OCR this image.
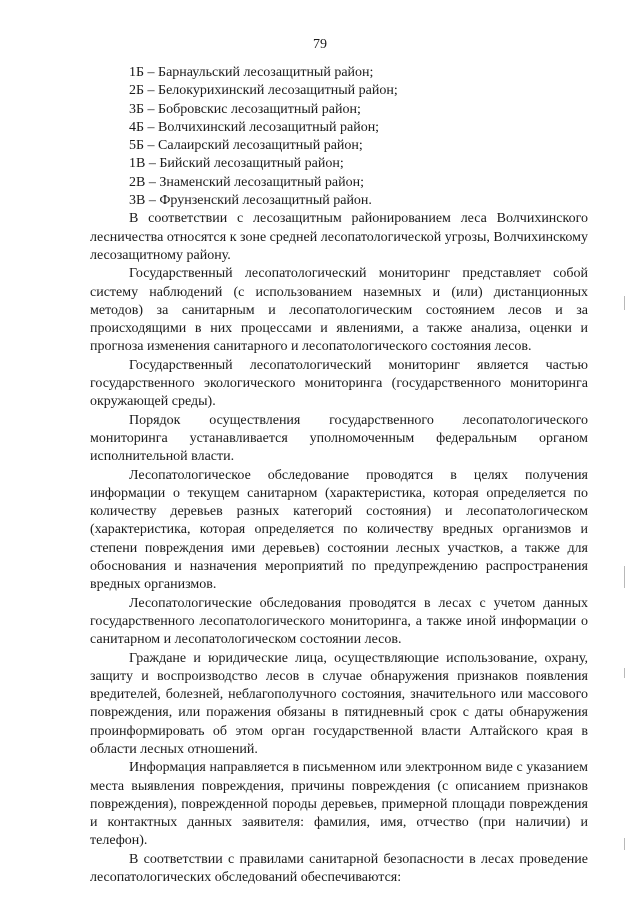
79

1Б – Барнаульский лесозащитный район;

2Б – Белокурихинский лесозащитный район;

3Б – Бобровскис лесозащитный район;

4Б – Волчихинский лесозащитный район;

5Б – Салаирский лесозащитный район;

1В – Бийский лесозащитный район;

2В – Знаменский лесозащитный район;

3В – Фрунзенский лесозащитный район.

В соответствии с лесозащитным районированием леса Волчихинского лесничества относятся к зоне средней лесопатологической угрозы, Волчихинскому лесозащитному району.

Государственный лесопатологический мониторинг представляет собой систему наблюдений (с использованием наземных и (или) дистанционных методов) за санитарным и лесопатологическим состоянием лесов и за происходящими в них процессами и явлениями, а также анализа, оценки и прогноза изменения санитарного и лесопатологического состояния лесов.

Государственный лесопатологический мониторинг является частью государственного экологического мониторинга (государственного мониторинга окружающей среды).

Порядок осуществления государственного лесопатологического мониторинга устанавливается уполномоченным федеральным органом исполнительной власти.

Лесопатологическое обследование проводятся в целях получения информации о текущем санитарном (характеристика, которая определяется по количеству деревьев разных категорий состояния) и лесопатологическом (характеристика, которая определяется по количеству вредных организмов и степени повреждения ими деревьев) состоянии лесных участков, а также для обоснования и назначения мероприятий по предупреждению распространения вредных организмов.

Лесопатологические обследования проводятся в лесах с учетом данных государственного лесопатологического мониторинга, а также иной информации о санитарном и лесопатологическом состоянии лесов.

Граждане и юридические лица, осуществляющие использование, охрану, защиту и воспроизводство лесов в случае обнаружения признаков появления вредителей, болезней, неблагополучного состояния, значительного или массового повреждения, или поражения обязаны в пятидневный срок с даты обнаружения проинформировать об этом орган государственной власти Алтайского края в области лесных отношений.

Информация направляется в письменном или электронном виде с указанием места выявления повреждения, причины повреждения (с описанием признаков повреждения), поврежденной породы деревьев, примерной площади повреждения и контактных данных заявителя: фамилия, имя, отчество (при наличии) и телефон).

В соответствии с правилами санитарной безопасности в лесах проведение лесопатологических обследований обеспечиваются:
